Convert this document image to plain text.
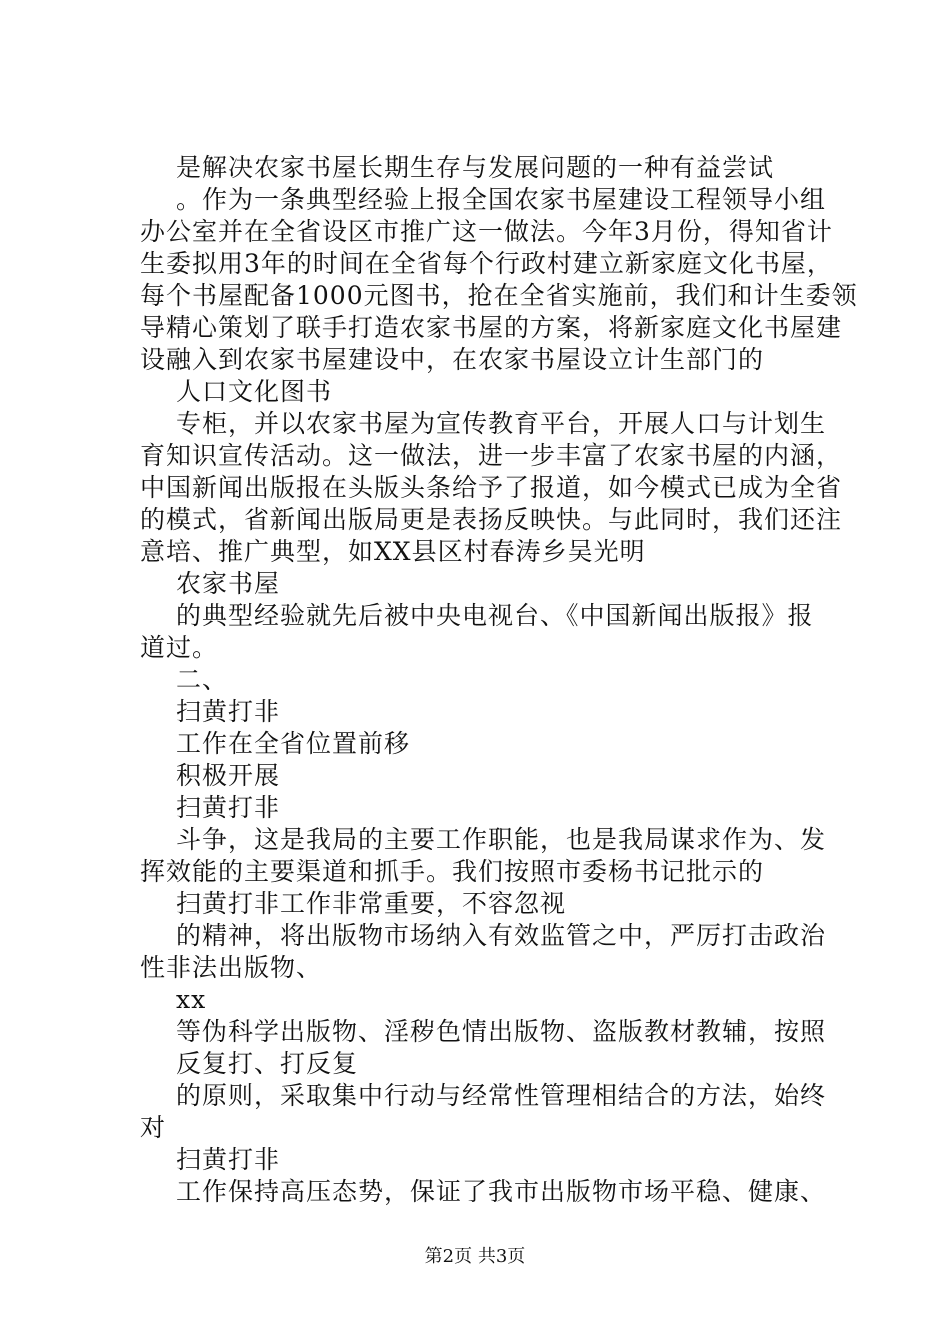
是解决农家书屋长期生存与发展问题的一种有益尝试

。作为一条典型经验上报全国农家书屋建设工程领导小组

办公室并在全省设区市推广这一做法。今年3月份，得知省计

生委拟用3年的时间在全省每个行政村建立新家庭文化书屋，

每个书屋配备1000元图书，抢在全省实施前，我们和计生委领

导精心策划了联手打造农家书屋的方案，将新家庭文化书屋建

设融入到农家书屋建设中，在农家书屋设立计生部门的

人口文化图书

专柜，并以农家书屋为宣传教育平台，开展人口与计划生

育知识宣传活动。这一做法，进一步丰富了农家书屋的内涵，

中国新闻出版报在头版头条给予了报道，如今模式已成为全省

的模式，省新闻出版局更是表扬反映快。与此同时，我们还注

意培、推广典型，如XX县区村春涛乡吴光明

农家书屋

的典型经验就先后被中央电视台、《中国新闻出版报》报

道过。

二、

扫黄打非

工作在全省位置前移

积极开展

扫黄打非

斗争，这是我局的主要工作职能，也是我局谋求作为、发

挥效能的主要渠道和抓手。我们按照市委杨书记批示的

扫黄打非工作非常重要，不容忽视

的精神，将出版物市场纳入有效监管之中，严厉打击政治

性非法出版物、

xx

等伪科学出版物、淫秽色情出版物、盗版教材教辅，按照

反复打、打反复

的原则，采取集中行动与经常性管理相结合的方法，始终

对

扫黄打非

工作保持高压态势，保证了我市出版物市场平稳、健康、

第2页 共3页
